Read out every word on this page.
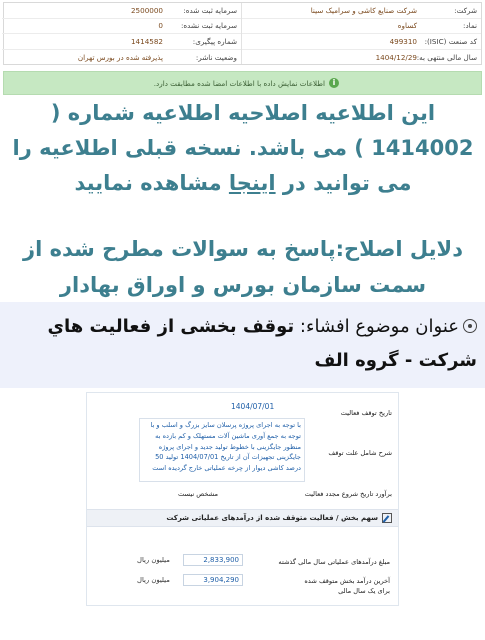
شرکت:
شرکت صنایع کاشی و سرامیک سینا
نماد:
کساوه
کد صنعت (ISIC):
499310
سال مالی منتهی به:
1404/12/29
سرمایه ثبت شده:
2500000
سرمایه ثبت نشده:
0
شماره پیگیری:
1414582
وضعیت ناشر:
پذیرفته شده در بورس تهران
i
اطلاعات نمایش داده با اطلاعات امضا شده مطابقت دارد.
این اطلاعیه اصلاحیه اطلاعیه شماره ( 1414002 ) می باشد. نسخه قبلی اطلاعیه را می توانید در اینجا مشاهده نمایید
دلایل اصلاح:پاسخ به سوالات مطرح شده از سمت سازمان بورس و اوراق بهادار
عنوان موضوع افشاء: توقف بخشی از فعالیت هاي شرکت - گروه الف
تاریخ توقف فعالیت
1404/07/01
شرح شامل علت توقف
با توجه به اجرای پروژه پرسلان سایز بزرگ و اسلب و با توجه به جمع آوری ماشین آلات مستهلک و کم بازده به منظور جایگزینی با خطوط تولید جدید و اجرای پروژه جایگزینی تجهیزات آن از تاریخ 1404/07/01 تولید 50 درصد کاشی دیوار از چرخه عملیاتی خارج گردیده است
برآورد تاریخ شروع مجدد فعالیت
مشخص نیست
سهم بخش / فعالیت متوقف شده از درآمدهای عملیاتی شرکت
مبلغ درآمدهای عملیاتی سال مالی گذشته
2,833,900
میلیون ریال
آخرین درآمد بخش متوقف شده برای یک سال مالی
3,904,290
میلیون ریال
